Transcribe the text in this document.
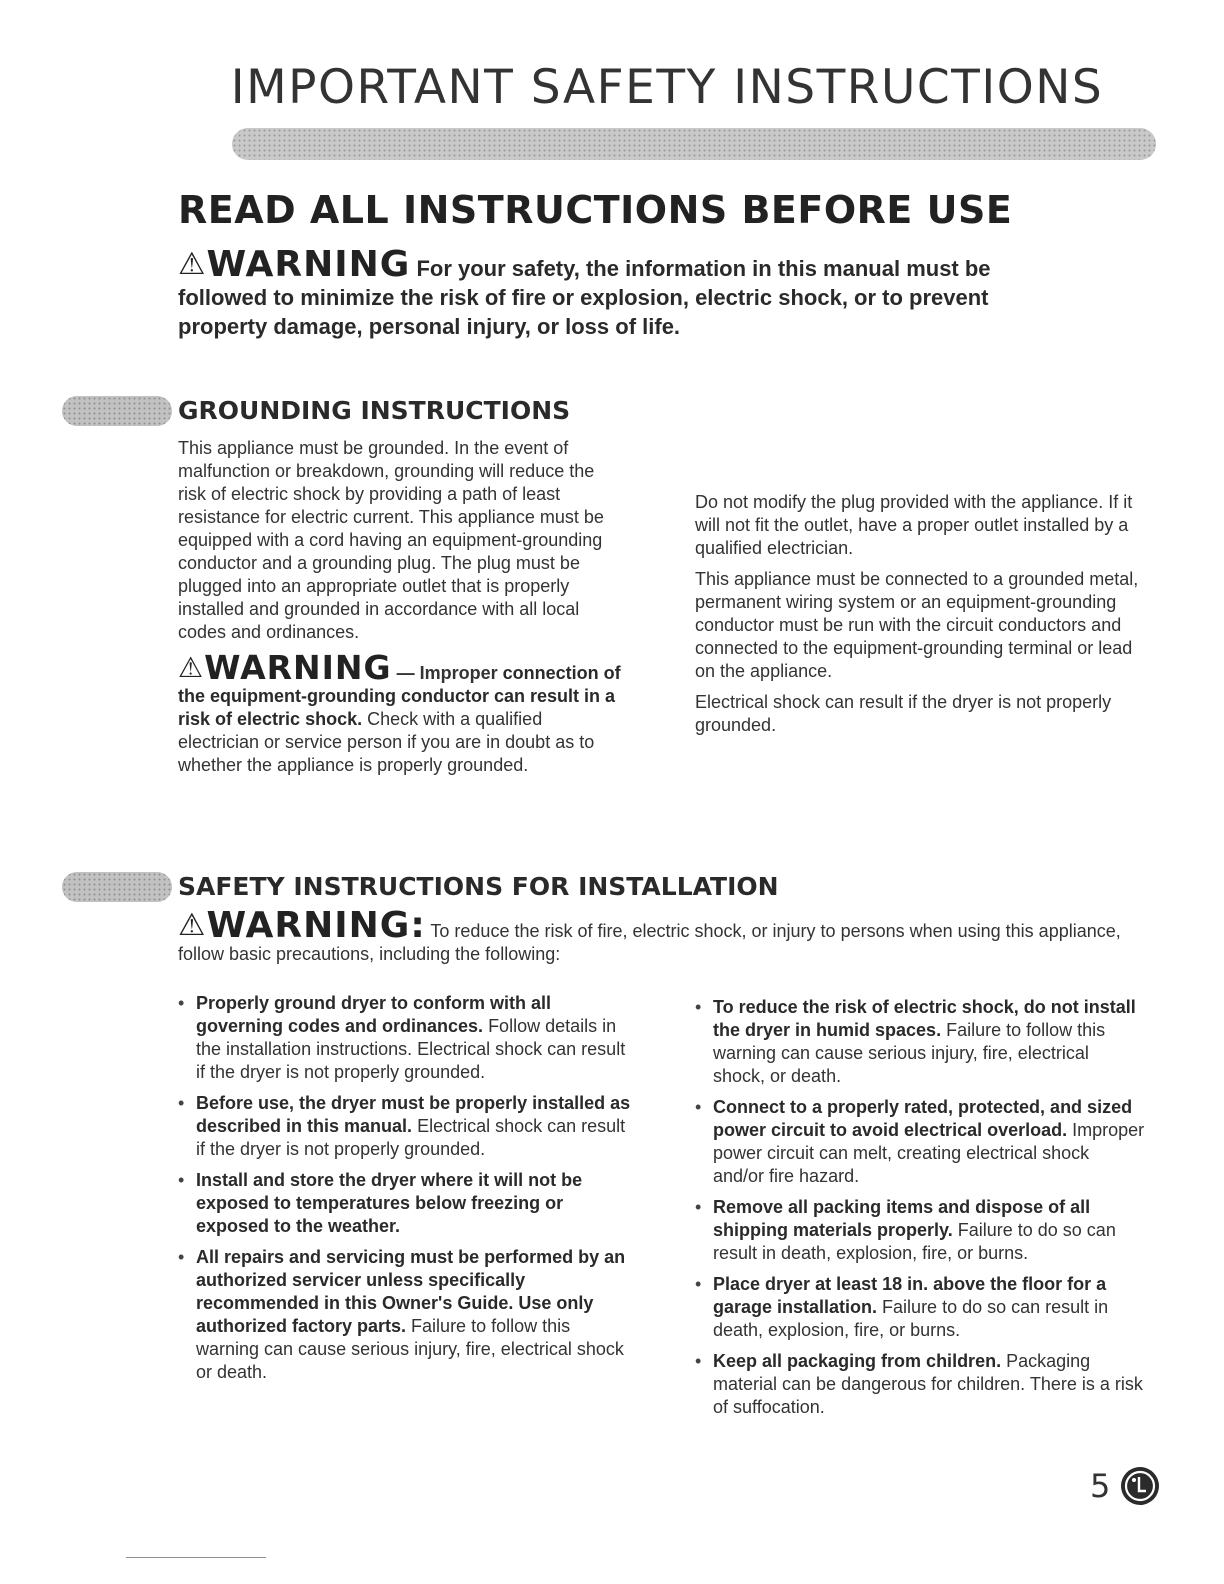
IMPORTANT SAFETY INSTRUCTIONS
READ ALL INSTRUCTIONS BEFORE USE
⚠WARNING For your safety, the information in this manual must be followed to minimize the risk of fire or explosion, electric shock, or to prevent property damage, personal injury, or loss of life.
GROUNDING INSTRUCTIONS

This appliance must be grounded. In the event of malfunction or breakdown, grounding will reduce the risk of electric shock by providing a path of least resistance for electric current. This appliance must be equipped with a cord having an equipment-grounding conductor and a grounding plug. The plug must be plugged into an appropriate outlet that is properly installed and grounded in accordance with all local codes and ordinances.

⚠WARNING — Improper connection of the equipment-grounding conductor can result in a risk of electric shock. Check with a qualified electrician or service person if you are in doubt as to whether the appliance is properly grounded.

Do not modify the plug provided with the appliance. If it will not fit the outlet, have a proper outlet installed by a qualified electrician.

This appliance must be connected to a grounded metal, permanent wiring system or an equipment-grounding conductor must be run with the circuit conductors and connected to the equipment-grounding terminal or lead on the appliance.

Electrical shock can result if the dryer is not properly grounded.

SAFETY INSTRUCTIONS FOR INSTALLATION
⚠WARNING: To reduce the risk of fire, electric shock, or injury to persons when using this appliance, follow basic precautions, including the following:
• Properly ground dryer to conform with all governing codes and ordinances. Follow details in the installation instructions. Electrical shock can result if the dryer is not properly grounded.
• Before use, the dryer must be properly installed as described in this manual. Electrical shock can result if the dryer is not properly grounded.
• Install and store the dryer where it will not be exposed to temperatures below freezing or exposed to the weather.
• All repairs and servicing must be performed by an authorized servicer unless specifically recommended in this Owner's Guide. Use only authorized factory parts. Failure to follow this warning can cause serious injury, fire, electrical shock or death.
• To reduce the risk of electric shock, do not install the dryer in humid spaces. Failure to follow this warning can cause serious injury, fire, electrical shock, or death.
• Connect to a properly rated, protected, and sized power circuit to avoid electrical overload. Improper power circuit can melt, creating electrical shock and/or fire hazard.
• Remove all packing items and dispose of all shipping materials properly. Failure to do so can result in death, explosion, fire, or burns.
• Place dryer at least 18 in. above the floor for a garage installation. Failure to do so can result in death, explosion, fire, or burns.
• Keep all packaging from children. Packaging material can be dangerous for children. There is a risk of suffocation.
5
